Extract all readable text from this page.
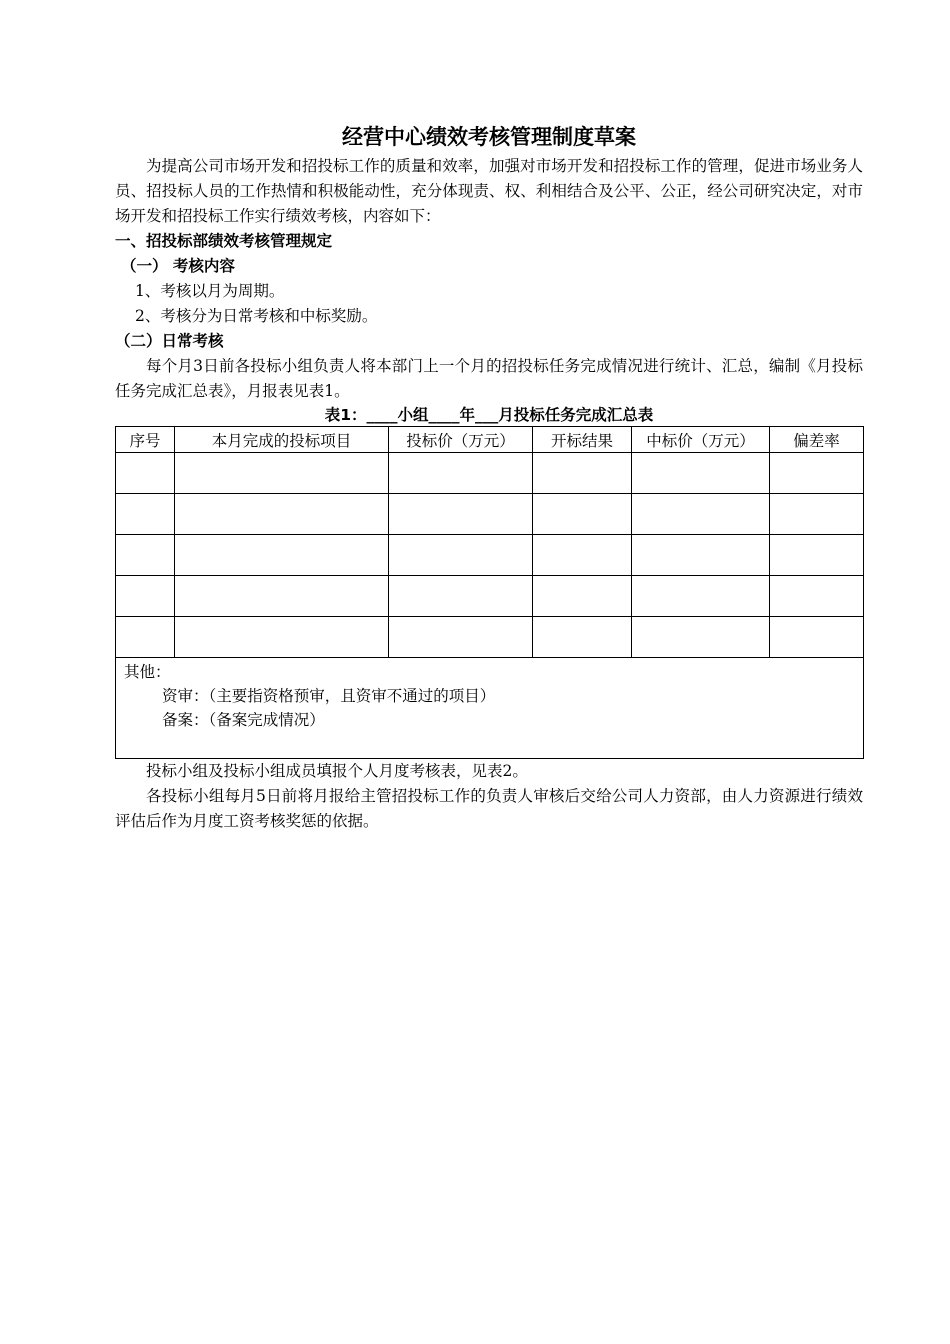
经营中心绩效考核管理制度草案

为提高公司市场开发和招投标工作的质量和效率，加强对市场开发和招投标工作的管理，促进市场业务人员、招投标人员的工作热情和积极能动性，充分体现责、权、利相结合及公平、公正，经公司研究决定，对市场开发和招投标工作实行绩效考核，内容如下：

一、招投标部绩效考核管理规定

（一） 考核内容

1、考核以月为周期。

2、考核分为日常考核和中标奖励。

（二）日常考核

每个月3日前各投标小组负责人将本部门上一个月的招投标任务完成情况进行统计、汇总，编制《月投标任务完成汇总表》，月报表见表1。

表1：____小组____年___月投标任务完成汇总表

序号	本月完成的投标项目	投标价（万元）	开标结果	中标价（万元）	偏差率

其他：
资审：（主要指资格预审，且资审不通过的项目）
备案：（备案完成情况）					

投标小组及投标小组成员填报个人月度考核表，见表2。

各投标小组每月5日前将月报给主管招投标工作的负责人审核后交给公司人力资部，由人力资源进行绩效评估后作为月度工资考核奖惩的依据。
